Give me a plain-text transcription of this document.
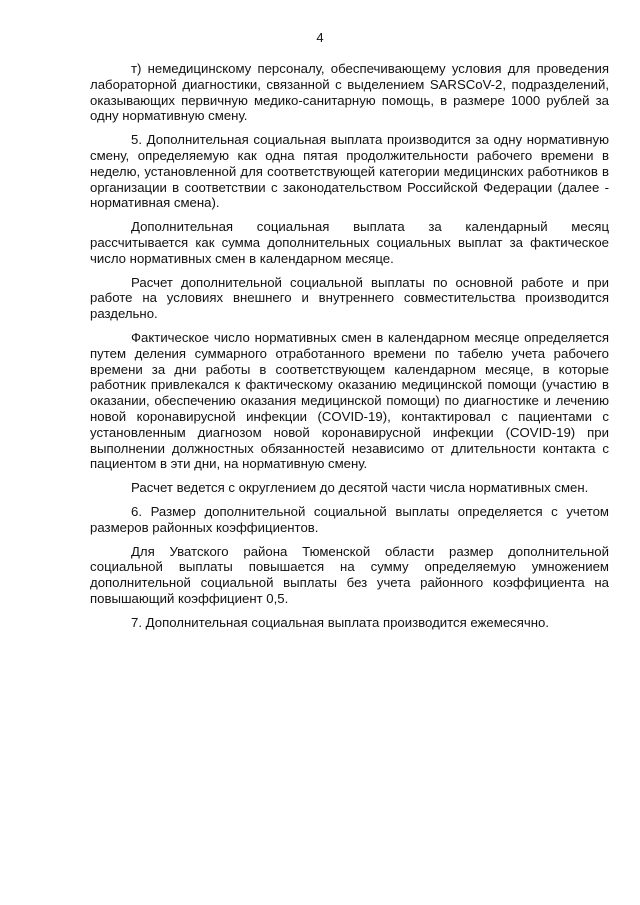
4

т) немедицинскому персоналу, обеспечивающему условия для проведения лабораторной диагностики, связанной с выделением SARSCoV-2, подразделений, оказывающих первичную медико-санитарную помощь, в размере 1000 рублей за одну нормативную смену.

5. Дополнительная социальная выплата производится за одну нормативную смену, определяемую как одна пятая продолжительности рабочего времени в неделю, установленной для соответствующей категории медицинских работников в организации в соответствии с законодательством Российской Федерации (далее - нормативная смена).

Дополнительная социальная выплата за календарный месяц рассчитывается как сумма дополнительных социальных выплат за фактическое число нормативных смен в календарном месяце.

Расчет дополнительной социальной выплаты по основной работе и при работе на условиях внешнего и внутреннего совместительства производится раздельно.

Фактическое число нормативных смен в календарном месяце определяется путем деления суммарного отработанного времени по табелю учета рабочего времени за дни работы в соответствующем календарном месяце, в которые работник привлекался к фактическому оказанию медицинской помощи (участию в оказании, обеспечению оказания медицинской помощи) по диагностике и лечению новой коронавирусной инфекции (COVID-19), контактировал с пациентами с установленным диагнозом новой коронавирусной инфекции (COVID-19) при выполнении должностных обязанностей независимо от длительности контакта с пациентом в эти дни, на нормативную смену.

Расчет ведется с округлением до десятой части числа нормативных смен.

6. Размер дополнительной социальной выплаты определяется с учетом размеров районных коэффициентов.

Для Уватского района Тюменской области размер дополнительной социальной выплаты повышается на сумму определяемую умножением дополнительной социальной выплаты без учета районного коэффициента на повышающий коэффициент 0,5.

7. Дополнительная социальная выплата производится ежемесячно.
